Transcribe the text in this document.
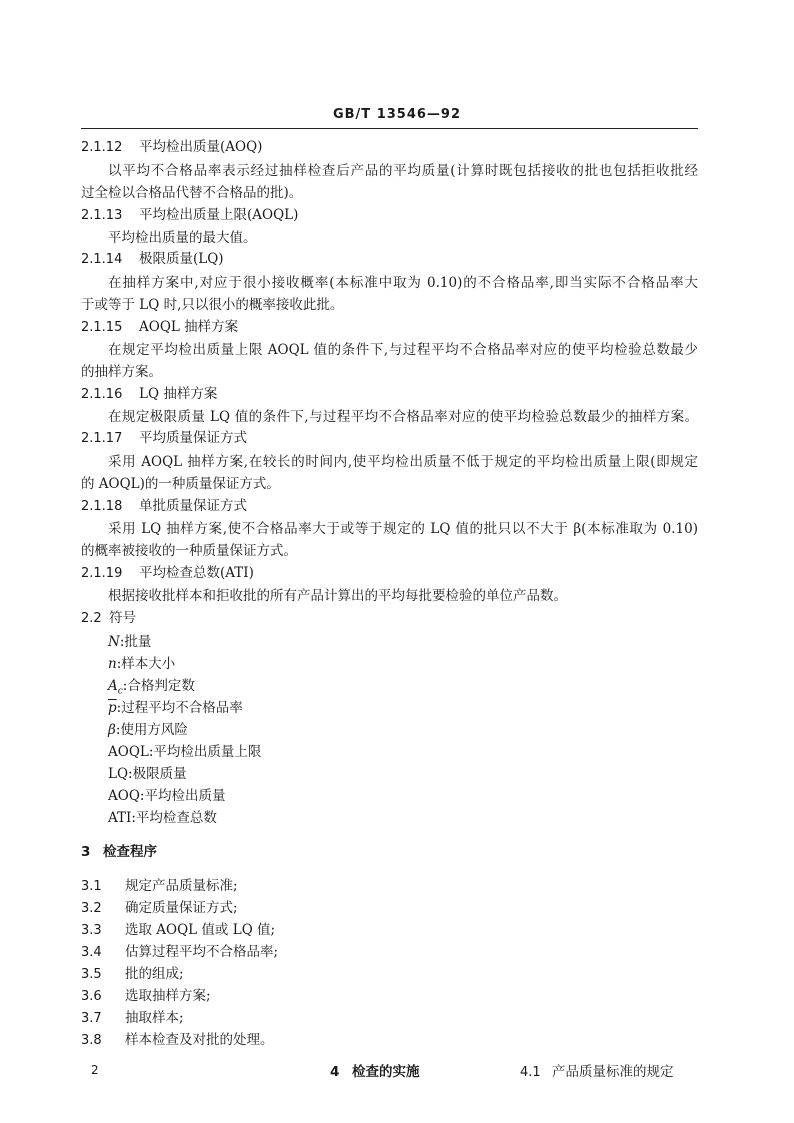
GB/T 13546—92
2.1.12 平均检出质量(AOQ)
以平均不合格品率表示经过抽样检查后产品的平均质量(计算时既包括接收的批也包括拒收批经
过全检以合格品代替不合格品的批)。
2.1.13 平均检出质量上限(AOQL)
平均检出质量的最大值。
2.1.14 极限质量(LQ)
在抽样方案中,对应于很小接收概率(本标准中取为 0.10)的不合格品率,即当实际不合格品率大
于或等于 LQ 时,只以很小的概率接收此批。
2.1.15 AOQL 抽样方案
在规定平均检出质量上限 AOQL 值的条件下,与过程平均不合格品率对应的使平均检验总数最少
的抽样方案。
2.1.16 LQ 抽样方案
在规定极限质量 LQ 值的条件下,与过程平均不合格品率对应的使平均检验总数最少的抽样方案。
2.1.17 平均质量保证方式
采用 AOQL 抽样方案,在较长的时间内,使平均检出质量不低于规定的平均检出质量上限(即规定
的 AOQL)的一种质量保证方式。
2.1.18 单批质量保证方式
采用 LQ 抽样方案,使不合格品率大于或等于规定的 LQ 值的批只以不大于 β(本标准取为 0.10)
的概率被接收的一种质量保证方式。
2.1.19 平均检查总数(ATI)
根据接收批样本和拒收批的所有产品计算出的平均每批要检验的单位产品数。
2.2 符号
N:批量
n:样本大小
$A_c$:合格判定数
$\overline{p}$:过程平均不合格品率
β:使用方风险
AOQL:平均检出质量上限
LQ:极限质量
AOQ:平均检出质量
ATI:平均检查总数
3 检查程序
3.1 规定产品质量标准;
3.2 确定质量保证方式;
3.3 选取 AOQL 值或 LQ 值;
3.4 估算过程平均不合格品率;
3.5 批的组成;
3.6 选取抽样方案;
3.7 抽取样本;
3.8 样本检查及对批的处理。
4 检查的实施	4.1 产品质量标准的规定
2
